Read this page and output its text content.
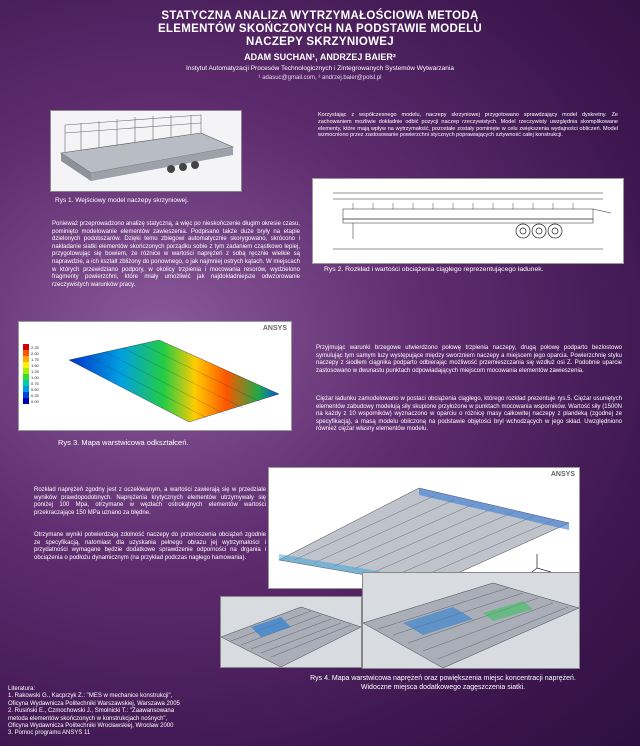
STATYCZNA ANALIZA WYTRZYMAŁOŚCIOWA METODĄ
ELEMENTÓW SKOŃCZONYCH NA PODSTAWIE MODELU
NACZEPY SKRZYNIOWEJ
ADAM SUCHAN¹, ANDRZEJ BAIER²
Instytut Automatyzacji Procesów Technologicznych i Zintegrowanych Systemów Wytwarzania
¹ adasuc@gmail.com, ² andrzej.baier@polsl.pl
Rys 1. Wejściowy model naczepy skrzyniowej.
Korzystając z współczesnego modelu, naczepy skrzyniowej przygotowano sprawdzający model dyskretny. Ze zachowaniem możliwie dokładnie odbić pozycji naczep rzeczywistych. Model rzeczywisty uwzględnia skomplikowane elementy, które mają wpływ na wytrzymałość, pozostałe zostały pominięte w celu zwiększenia wydajności obliczeń. Model wzmocniono przez zastosowanie powierzchni stycznych poprawiających sztywność całej konstrukcji.
Rys 2. Rozkład i wartości obciążenia ciągłego reprezentującego ładunek.
Ponieważ przeprowadzono analizę statyczną, a więc po nieskończenie długim okresie czasu, pominięto modelowanie elementów zawieszenia. Podpisano także duże bryły na etapie dzielonych podobszarów. Dzięki temu zbiegowi automatycznie skorygowano, skrócono i nakładanie siatki elementów skończonych porządku sobie z tym zadaniem cząstkowo lepiej, przygotowując się bowiem, że różnice w wartości naprężeń z sobą ręcznie wielkie są naprawdzie, a ich kształt zbliżony do ponownego, o jak najmniej ostrych kątach. W miejscach w których przewidziano podpory, w okolicy trzpienia i mocowania resorów, wydzielono fragmenty powierzchni, które miały umożliwić jak najdokładniejsze odwzorowanie rzeczywistych warunków pracy.
ANSYS
2.25
2.00
1.75
1.50
1.25
1.00
0.75
0.50
0.25
0.00
Rys 3. Mapa warstwicowa odkształceń.
Przyjmując warunki brzegowe utwierdzono połowę trzpienia naczepy, drugą połowę podparto bezlostowo symulując tym samym luzy występujące między sworzniem naczepy a miejscem jego oparcia. Powierzchnię styku naczepy z siodłem ciągnika podparto odbierając możliwość przemieszczania się wzdłuż osi Z. Podobnie uparcie zastosowano w dwunastu punktach odpowiadających miejscom mocowania elementów zawieszenia.
Ciężar ładunku zamodelowano w postaci obciążenia ciągłego, którego rozkład prezentuje rys.5. Ciężar usuniętych elementów zabudowy modelują siły skupione przyłożone w punktach mocowania wsporników. Wartość siły (1500N na każdy z 10 wsporników) wyznaczono w oparciu o różnicę masy całkowitej naczepy z plandeką (zgodnej ze specyfikacją), a masą modelu obliczoną na podstawie objętości bryl wchodzących w jego skład. Uwzględniono również ciężar własny elementów modelu.
Rozkład naprężeń zgodny jest z oczekiwanym, a wartości zawierają się w przedziale wyników prawdopodobnych. Naprężenia krytycznych elementów utrzymywały się poniżej 100 Mpa, otrzymane w węzłach ostrokątnych elementów wartości przekraczające 150 MPa uznano za błędne.
Otrzymane wyniki potwierdzają zdolność naczepy do przenoszenia obciążeń zgodnie ze specyfikacją, natomiast dla uzyskania pełnego obrazu jej wytrzymałości i przydatności wymagane będzie dodatkowe sprawdzenie odporności na drgania i obciążenia o podłożu dynamicznym (na przykład podczas nagłego hamowania).
ANSYS
Rys 4. Mapa warstwicowa naprężeń oraz powiększenia miejsc koncentracji naprężeń.
Widoczne miejsca dodatkowego zagęszczenia siatki.
Literatura:
1. Rakowski G., Kacprzyk Z.: "MES w mechanice konstrukcji",
Oficyna Wydawnicza Politechniki Warszawskiej, Warszawa 2005
2. Rusiński E., Czmochowski J., Smolnicki T.: "Zaawansowana
metoda elementów skończonych w konstrukcjach nośnych",
Oficyna Wydawnicza Politechniki Wrocławskiej, Wrocław 2000
3. Pomoc programu ANSYS 11
